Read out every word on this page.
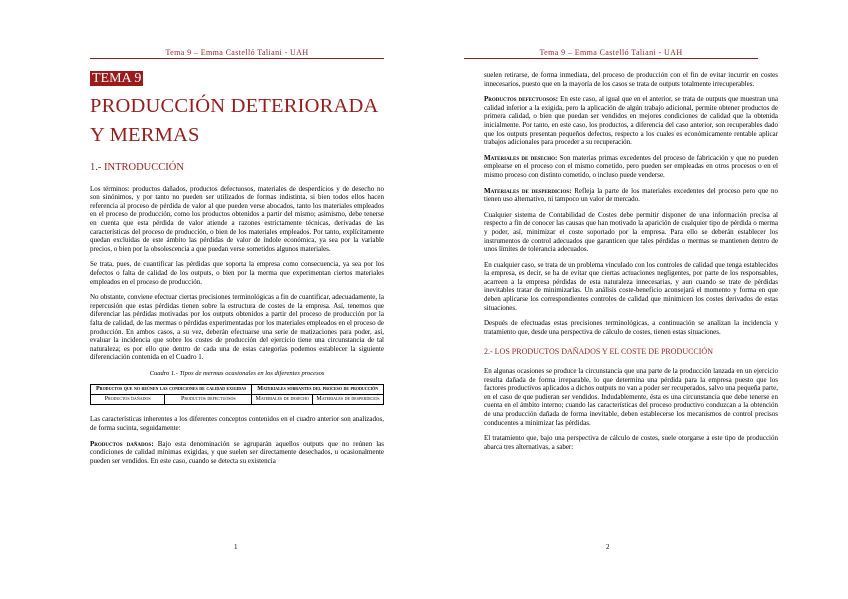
Tema 9 – Emma Castelló Taliani - UAH
TEMA 9
PRODUCCIÓN DETERIORADA
Y MERMAS
1.- INTRODUCCIÓN

Los términos: productos dañados, productos defectuosos, materiales de desperdicios y de desecho no son sinónimos, y por tanto no pueden ser utilizados de formas indistinta, si bien todos ellos hacen referencia al proceso de pérdida de valor al que pueden verse abocados, tanto los materiales empleados en el proceso de producción, como los productos obtenidos a partir del mismo; asimismo, debe tenerse en cuenta que esta pérdida de valor atiende a razones estrictamente técnicas, derivadas de las características del proceso de producción, o bien de los materiales empleados. Por tanto, explícitamente quedan excluidas de este ámbito las pérdidas de valor de índole económica, ya sea por la variable precios, o bien por la obsolescencia a que puedan verse sometidos algunos materiales.

Se trata, pues, de cuantificar las pérdidas que soporta la empresa como consecuencia, ya sea por los defectos o falta de calidad de los outputs, o bien por la merma que experimentan ciertos materiales empleados en el proceso de producción.

No obstante, conviene efectuar ciertas precisiones terminológicas a fin de cuantificar, adecuadamente, la repercusión que estas pérdidas tienen sobre la estructura de costes de la empresa. Así, tenemos que diferenciar las pérdidas motivadas por los outputs obtenidos a partir del proceso de producción por la falta de calidad, de las mermas o pérdidas experimentadas por los materiales empleados en el proceso de producción. En ambos casos, a su vez, deberán efectuarse una serie de matizaciones para poder, así, evaluar la incidencia que sobre los costes de producción del ejercicio tiene una circunstancia de tal naturaleza; es por ello que dentro de cada una de estas categorías podemos establecer la siguiente diferenciación contenida en el Cuadro 1.

Cuadro 1.- Tipos de mermas ocasionales en los diferentes procesos
Productos que no reúnen las condiciones de calidad exigidas		Materiales sobrantes del proceso de producción	
Productos dañados	Productos defectuosos	Materiales de desecho	Materiales de desperdicios

Las características inherentes a los diferentes conceptos contenidos en el cuadro anterior son analizados, de forma sucinta, seguidamente:

Productos dañados: Bajo esta denominación se agruparán aquellos outputs que no reúnen las condiciones de calidad mínimas exigidas, y que suelen ser directamente desechados, u ocasionalmente pueden ser vendidos. En este caso, cuando se detecta su existencia

1
Tema 9 – Emma Castelló Taliani - UAH

suelen retirarse, de forma inmediata, del proceso de producción con el fin de evitar incurrir en costes innecesarios, puesto que en la mayoría de los casos se trata de outputs totalmente irrecuperables.

Productos defectuosos: En este caso, al igual que en el anterior, se trata de outputs que muestran una calidad inferior a la exigida, pero la aplicación de algún trabajo adicional, permite obtener productos de primera calidad, o bien que puedan ser vendidos en mejores condiciones de calidad que la obtenida inicialmente. Por tanto, en este caso, los productos, a diferencia del caso anterior, son recuperables dado que los outputs presentan pequeños defectos, respecto a los cuales es económicamente rentable aplicar trabajos adicionales para proceder a su recuperación.

Materiales de desecho: Son materias primas excedentes del proceso de fabricación y que no pueden emplearse en el proceso con el mismo cometido, pero pueden ser empleadas en otros procesos o en el mismo proceso con distinto cometido, o incluso puede venderse.

Materiales de desperdicios: Refleja la parte de los materiales excedentes del proceso pero que no tienen uso alternativo, ni tampoco un valor de mercado.

Cualquier sistema de Contabilidad de Costes debe permitir disponer de una información precisa al respecto a fin de conocer las causas que han motivado la aparición de cualquier tipo de pérdida o merma y poder, así, minimizar el coste soportado por la empresa. Para ello se deberán establecer los instrumentos de control adecuados que garanticen que tales pérdidas o mermas se mantienen dentro de unos límites de tolerancia adecuados.

En cualquier caso, se trata de un problema vinculado con los controles de calidad que tenga establecidos la empresa, es decir, se ha de evitar que ciertas actuaciones negligentes, por parte de los responsables, acarreen a la empresa pérdidas de esta naturaleza innecesarias, y aun cuando se trate de pérdidas inevitables tratar de minimizarlas. Un análisis coste-beneficio aconsejará el momento y forma en que deben aplicarse los correspondientes controles de calidad que minimicen los costes derivados de estas situaciones.

Después de efectuadas estas precisiones terminológicas, a continuación se analizan la incidencia y tratamiento que, desde una perspectiva de cálculo de costes, tienen estas situaciones.

2.- LOS PRODUCTOS DAÑADOS Y EL COSTE DE PRODUCCIÓN

En algunas ocasiones se produce la circunstancia que una parte de la producción lanzada en un ejercicio resulta dañada de forma irreparable, lo que determina una pérdida para la empresa puesto que los factores productivos aplicados a dichos outputs no van a poder ser recuperados, salvo una pequeña parte, en el caso de que pudieran ser vendidos. Indudablemente, ésta es una circunstancia que debe tenerse en cuenta en el ámbito interno; cuando las características del proceso productivo conduzcan a la obtención de una producción dañada de forma inevitable, deben establecerse los mecanismos de control precisos conducentes a minimizar las pérdidas.

El tratamiento que, bajo una perspectiva de cálculo de costes, suele otorgarse a este tipo de producción abarca tres alternativas, a saber:

2
